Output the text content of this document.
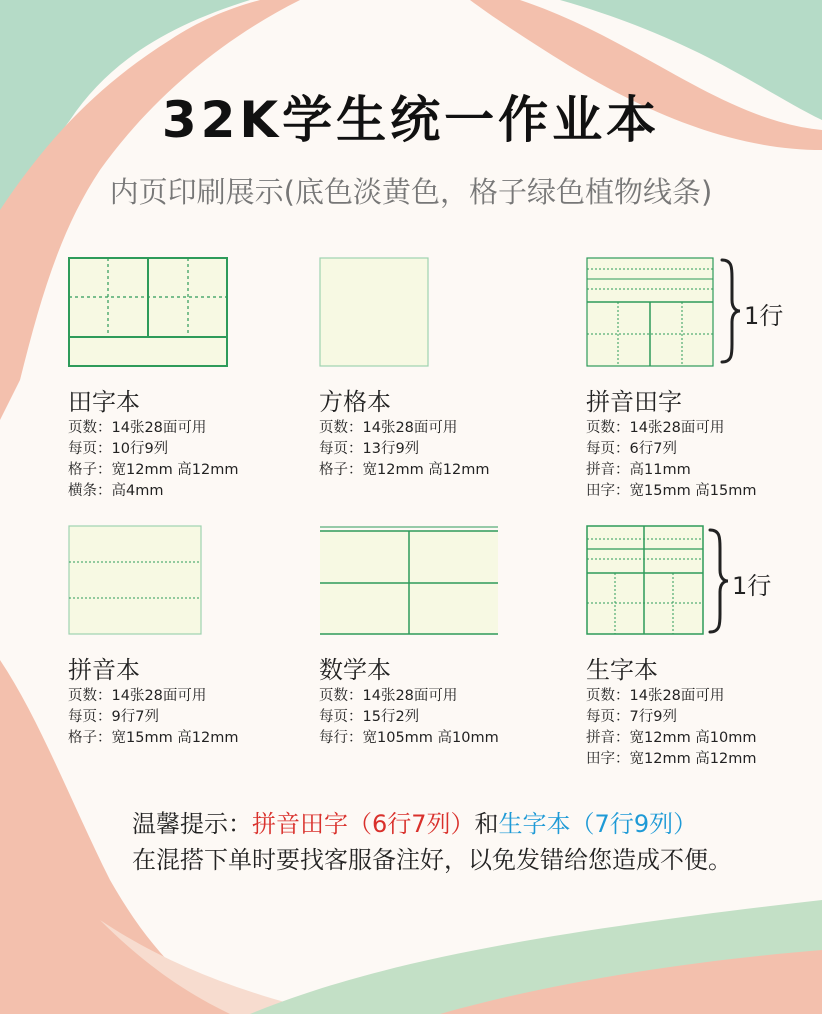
32K学生统一作业本
内页印刷展示(底色淡黄色，格子绿色植物线条)
田字本
页数：14张28面可用
每页：10行9列
格子：宽12mm 高12mm
横条：高4mm
方格本
页数：14张28面可用
每页：13行9列
格子：宽12mm 高12mm
1行
拼音田字
页数：14张28面可用
每页：6行7列
拼音：高11mm
田字：宽15mm 高15mm
拼音本
页数：14张28面可用
每页：9行7列
格子：宽15mm 高12mm
数学本
页数：14张28面可用
每页：15行2列
每行：宽105mm 高10mm
1行
生字本
页数：14张28面可用
每页：7行9列
拼音：宽12mm 高10mm
田字：宽12mm 高12mm
温馨提示：拼音田字（6行7列）和生字本（7行9列）
在混搭下单时要找客服备注好，以免发错给您造成不便。
